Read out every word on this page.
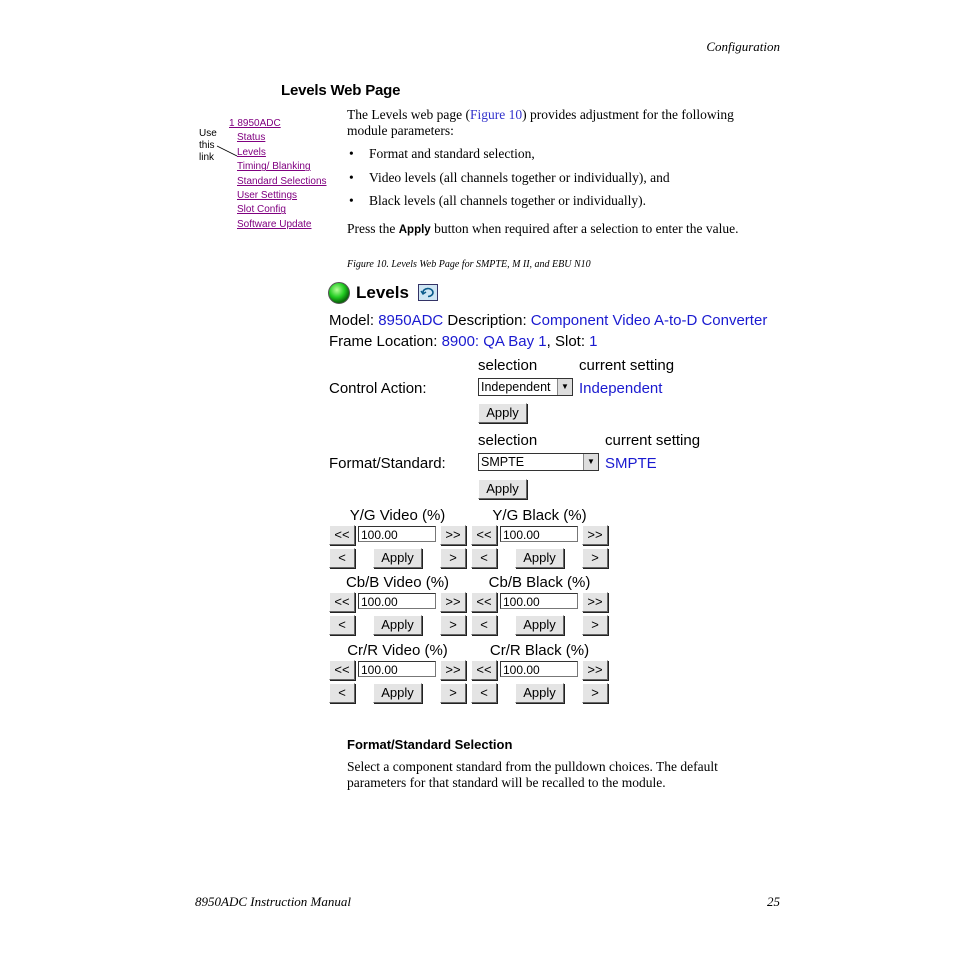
Configuration
Levels Web Page
Use
this
link
1 8950ADC
Status
Levels
Timing/ Blanking
Standard Selections
User Settings
Slot Config
Software Update
The Levels web page (Figure 10) provides adjustment for the following module parameters:
• Format and standard selection,
• Video levels (all channels together or individually), and
• Black levels (all channels together or individually).
Press the Apply button when required after a selection to enter the value.
Figure 10. Levels Web Page for SMPTE, M II, and EBU N10
Levels
Model: 8950ADC Description: Component Video A-to-D Converter
Frame Location: 8900: QA Bay 1, Slot: 1
selection	current setting
Control Action:	Independent	▼ Independent
Apply
selection	current setting
Format/Standard:	SMPTE	▼ SMPTE
Apply
Y/G Video (%)
<< 100.00	>>
<	Apply	>
Y/G Black (%)
<< 100.00	>>
<	Apply	>
Cb/B Video (%)
<< 100.00	>>
<	Apply	>
Cb/B Black (%)
<< 100.00	>>
<	Apply	>
Cr/R Video (%)
<< 100.00	>>
<	Apply	>
Cr/R Black (%)
<< 100.00	>>
<	Apply	>
Format/Standard Selection
Select a component standard from the pulldown choices. The default parameters for that standard will be recalled to the module.
8950ADC Instruction Manual	25
